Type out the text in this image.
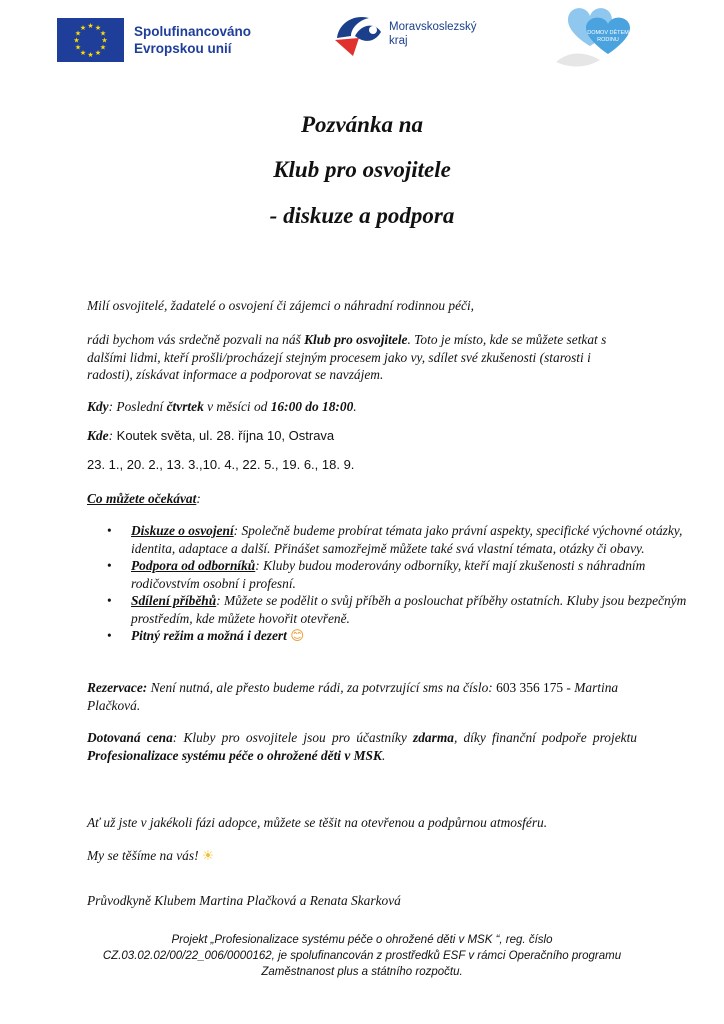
★ ★
★
★
★
★
★
★
★
★
★
★	Spolufinancováno
Evropskou unií
Moravskoslezský
kraj
DOMOV DĚTEM
RODINU
Pozvánka na
Klub pro osvojitele
- diskuze a podpora
Milí osvojitelé, žadatelé o osvojení či zájemci o náhradní rodinnou péči,
rádi bychom vás srdečně pozvali na náš Klub pro osvojitele. Toto je místo, kde se můžete setkat s dalšími lidmi, kteří prošli/procházejí stejným procesem jako vy, sdílet své zkušenosti (starosti i radosti), získávat informace a podporovat se navzájem.
Kdy: Poslední čtvrtek v měsíci od 16:00 do 18:00.
Kde: Koutek světa, ul. 28. října 10, Ostrava
23. 1., 20. 2., 13. 3.,10. 4., 22. 5., 19. 6., 18. 9.
Co můžete očekávat:
• Diskuze o osvojení: Společně budeme probírat témata jako právní aspekty, specifické výchovné otázky, identita, adaptace a další. Přinášet samozřejmě můžete také svá vlastní témata, otázky či obavy.
• Podpora od odborníků: Kluby budou moderovány odborníky, kteří mají zkušenosti s náhradním rodičovstvím osobní i profesní.
• Sdílení příběhů: Můžete se podělit o svůj příběh a poslouchat příběhy ostatních. Kluby jsou bezpečným prostředím, kde můžete hovořit otevřeně.
• Pitný režim a možná i dezert 😊
Rezervace: Není nutná, ale přesto budeme rádi, za potvrzující sms na číslo: 603 356 175 - Martina Plačková.
Dotovaná cena: Kluby pro osvojitele jsou pro účastníky zdarma, díky finanční podpoře projektu Profesionalizace systému péče o ohrožené děti v MSK.
Ať už jste v jakékoli fázi adopce, můžete se těšit na otevřenou a podpůrnou atmosféru.
My se těšíme na vás! ☀
Průvodkyně Klubem Martina Plačková a Renata Skarková
Projekt „Profesionalizace systému péče o ohrožené děti v MSK “, reg. číslo
CZ.03.02.02/00/22_006/0000162, je spolufinancován z prostředků ESF v rámci Operačního programu
Zaměstnanost plus a státního rozpočtu.
